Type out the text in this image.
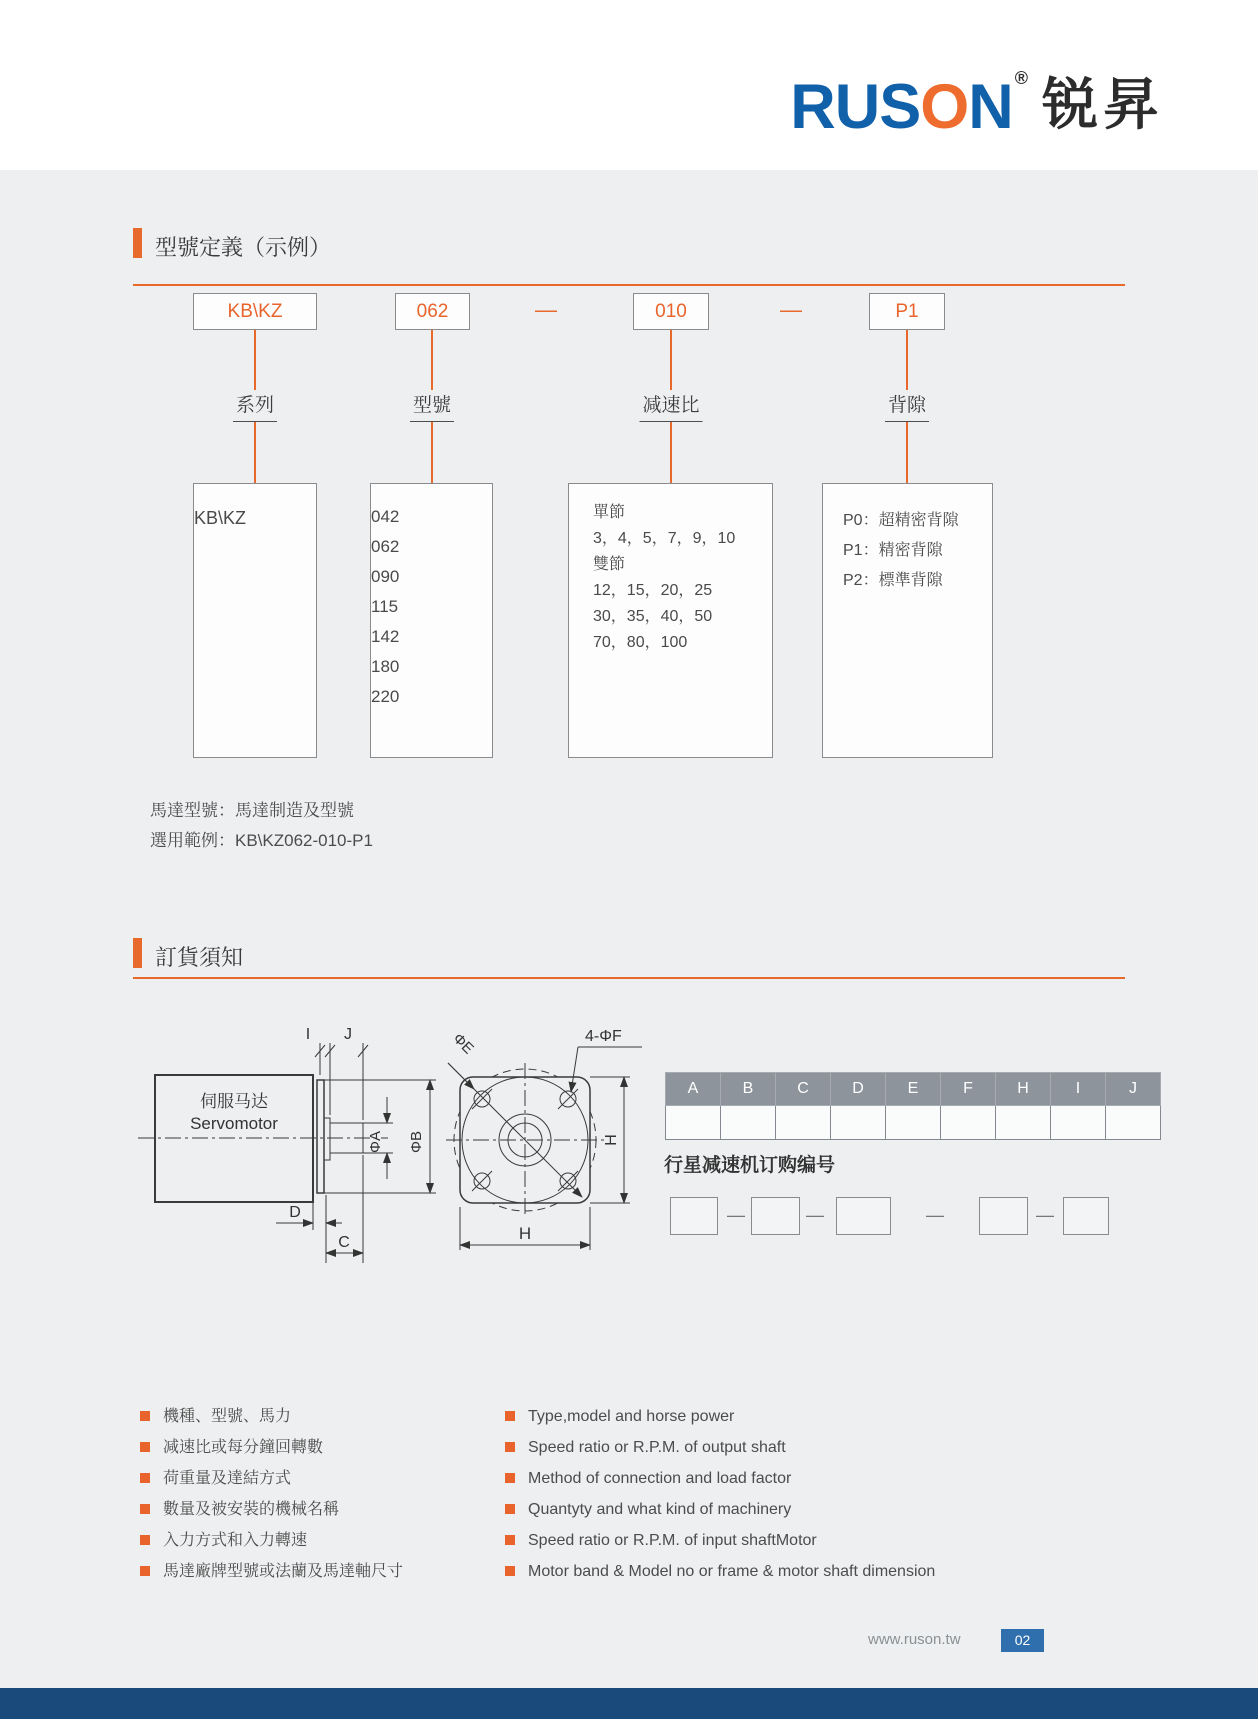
RUSON ® 锐昇
型號定義（示例）
KB\KZ	062	—	010	—	P1
系列	型號	减速比	背隙
KB\KZ	042
062
090
115
142
180
220
單節
3，4，5，7，9，10
雙節
12，15，20，25
30，35，40，50
70，80，100
P0：超精密背隙
P1：精密背隙
P2：標準背隙
馬達型號：馬達制造及型號
選用範例：KB\KZ062-010-P1
訂貨須知
伺服马达
Servomotor
I J
ΦA ΦB
D
C
ΦE	4-ΦF
H
H
A	B	C	D	E	F	H	I	J

行星减速机订购编号
—	—	—	—
機種、型號、馬力
减速比或每分鐘回轉數
荷重量及達結方式
數量及被安裝的機械名稱
入力方式和入力轉速
馬達廠牌型號或法蘭及馬達軸尺寸
Type,model and horse power
Speed ratio or R.P.M. of output shaft
Method of connection and load factor
Quantyty and what kind of machinery
Speed ratio or R.P.M. of input shaftMotor
Motor band & Model no or frame & motor shaft dimension
www.ruson.tw	02
